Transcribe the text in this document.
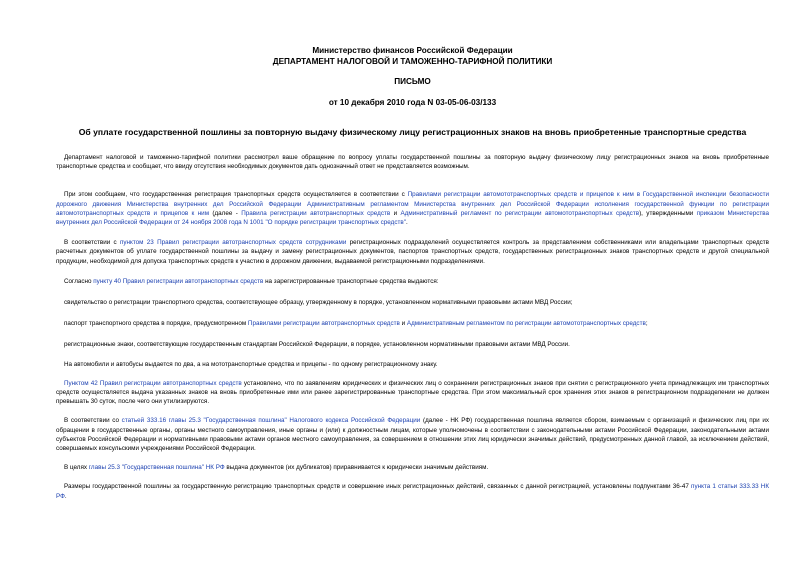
Министерство финансов Российской Федерации
ДЕПАРТАМЕНТ НАЛОГОВОЙ И ТАМОЖЕННО-ТАРИФНОЙ ПОЛИТИКИ
ПИСЬМО
от 10 декабря 2010 года N 03-05-06-03/133
Об уплате государственной пошлины за повторную выдачу физическому лицу регистрационных знаков на вновь приобретенные транспортные средства

Департамент налоговой и таможенно-тарифной политики рассмотрел ваше обращение по вопросу уплаты государственной пошлины за повторную выдачу физическому лицу регистрационных знаков на вновь приобретенные транспортные средства и сообщает, что ввиду отсутствия необходимых документов дать однозначный ответ не представляется возможным.

При этом сообщаем, что государственная регистрация транспортных средств осуществляется в соответствии с Правилами регистрации автомототранспортных средств и прицепов к ним в Государственной инспекции безопасности дорожного движения Министерства внутренних дел Российской Федерации Административным регламентом Министерства внутренних дел Российской Федерации исполнения государственной функции по регистрации автомототранспортных средств и прицепов к ним (далее - Правила регистрации автотранспортных средств и Административный регламент по регистрации автомототранспортных средств), утвержденными приказом Министерства внутренних дел Российской Федерации от 24 ноября 2008 года N 1001 "О порядке регистрации транспортных средств".

В соответствии с пунктом 23 Правил регистрации автотранспортных средств сотрудниками регистрационных подразделений осуществляется контроль за представлением собственниками или владельцами транспортных средств расчетных документов об уплате государственной пошлины за выдачу и замену регистрационных документов, паспортов транспортных средств, государственных регистрационных знаков транспортных средств и другой специальной продукции, необходимой для допуска транспортных средств к участию в дорожном движении, выдаваемой регистрационными подразделениями.

Согласно пункту 40 Правил регистрации автотранспортных средств на зарегистрированные транспортные средства выдаются:

свидетельство о регистрации транспортного средства, соответствующее образцу, утвержденному в порядке, установленном нормативными правовыми актами МВД России;

паспорт транспортного средства в порядке, предусмотренном Правилами регистрации автотранспортных средств и Административным регламентом по регистрации автомототранспортных средств;

регистрационные знаки, соответствующие государственным стандартам Российской Федерации, в порядке, установленном нормативными правовыми актами МВД России.

На автомобили и автобусы выдается по два, а на мототранспортные средства и прицепы - по одному регистрационному знаку.

Пунктом 42 Правил регистрации автотранспортных средств установлено, что по заявлениям юридических и физических лиц о сохранении регистрационных знаков при снятии с регистрационного учета принадлежащих им транспортных средств осуществляется выдача указанных знаков на вновь приобретенные ими или ранее зарегистрированные транспортные средства. При этом максимальный срок хранения этих знаков в регистрационном подразделении не должен превышать 30 суток, после чего они утилизируются.

В соответствии со статьей 333.16 главы 25.3 "Государственная пошлина" Налогового кодекса Российской Федерации (далее - НК РФ) государственная пошлина является сбором, взимаемым с организаций и физических лиц при их обращении в государственные органы, органы местного самоуправления, иные органы и (или) к должностным лицам, которые уполномочены в соответствии с законодательными актами Российской Федерации, законодательными актами субъектов Российской Федерации и нормативными правовыми актами органов местного самоуправления, за совершением в отношении этих лиц юридически значимых действий, предусмотренных данной главой, за исключением действий, совершаемых консульскими учреждениями Российской Федерации.

В целях главы 25.3 "Государственная пошлина" НК РФ выдача документов (их дубликатов) приравнивается к юридически значимым действиям.

Размеры государственной пошлины за государственную регистрацию транспортных средств и совершение иных регистрационных действий, связанных с данной регистрацией, установлены подпунктами 36-47 пункта 1 статьи 333.33 НК РФ.
